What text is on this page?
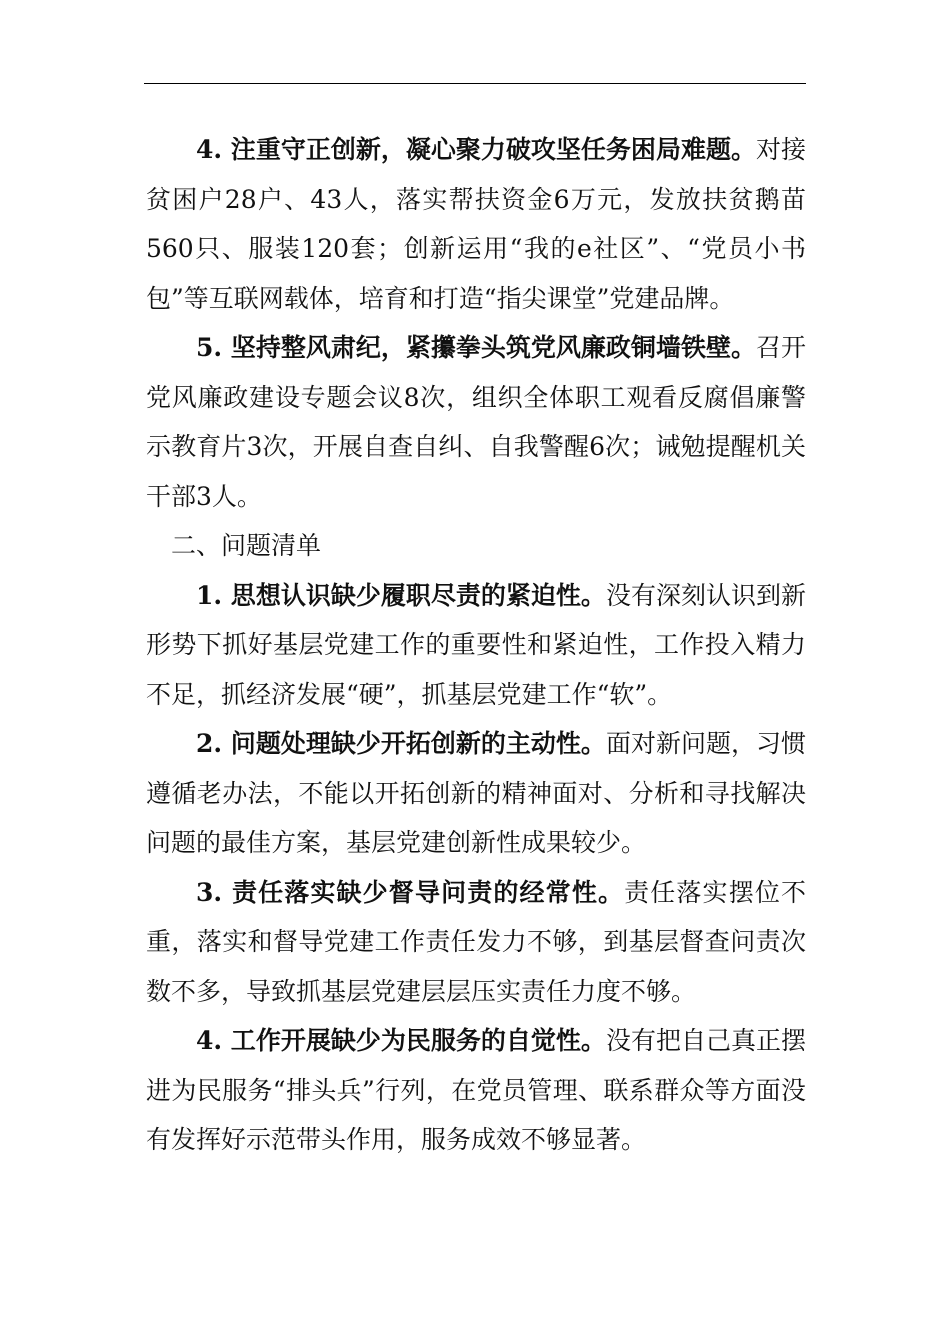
4. 注重守正创新，凝心聚力破攻坚任务困局难题。对接贫困户28户、43人，落实帮扶资金6万元，发放扶贫鹅苗560只、服装120套；创新运用“我的e社区”、“党员小书包”等互联网载体，培育和打造“指尖课堂”党建品牌。

5. 坚持整风肃纪，紧攥拳头筑党风廉政铜墙铁壁。召开党风廉政建设专题会议8次，组织全体职工观看反腐倡廉警示教育片3次，开展自查自纠、自我警醒6次；诫勉提醒机关干部3人。

二、问题清单

1. 思想认识缺少履职尽责的紧迫性。没有深刻认识到新形势下抓好基层党建工作的重要性和紧迫性，工作投入精力不足，抓经济发展“硬”，抓基层党建工作“软”。

2. 问题处理缺少开拓创新的主动性。面对新问题，习惯遵循老办法，不能以开拓创新的精神面对、分析和寻找解决问题的最佳方案，基层党建创新性成果较少。

3. 责任落实缺少督导问责的经常性。责任落实摆位不重，落实和督导党建工作责任发力不够，到基层督查问责次数不多，导致抓基层党建层层压实责任力度不够。

4. 工作开展缺少为民服务的自觉性。没有把自己真正摆进为民服务“排头兵”行列，在党员管理、联系群众等方面没有发挥好示范带头作用，服务成效不够显著。
